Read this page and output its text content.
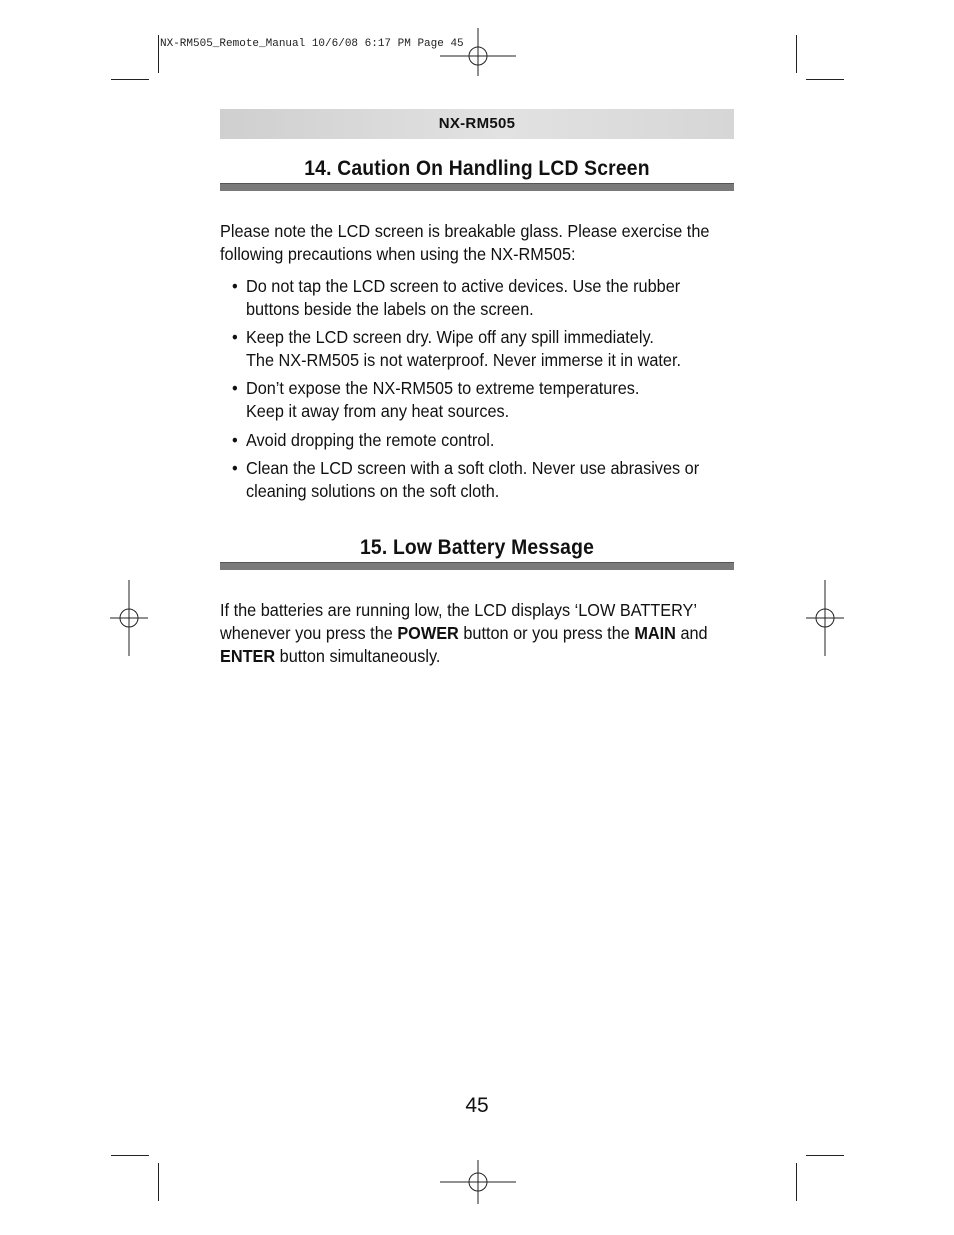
NX-RM505_Remote_Manual 10/6/08 6:17 PM Page 45
NX-RM505
14. Caution On Handling LCD Screen
Please note the LCD screen is breakable glass. Please exercise the
following precautions when using the NX-RM505:
• Do not tap the LCD screen to active devices. Use the rubber
buttons beside the labels on the screen.
• Keep the LCD screen dry. Wipe off any spill immediately.
The NX-RM505 is not waterproof. Never immerse it in water.
• Don’t expose the NX-RM505 to extreme temperatures.
Keep it away from any heat sources.
• Avoid dropping the remote control.
• Clean the LCD screen with a soft cloth. Never use abrasives or
cleaning solutions on the soft cloth.
15. Low Battery Message
If the batteries are running low, the LCD displays ‘LOW BATTERY’
whenever you press the POWER button or you press the MAIN and
ENTER button simultaneously.
45
